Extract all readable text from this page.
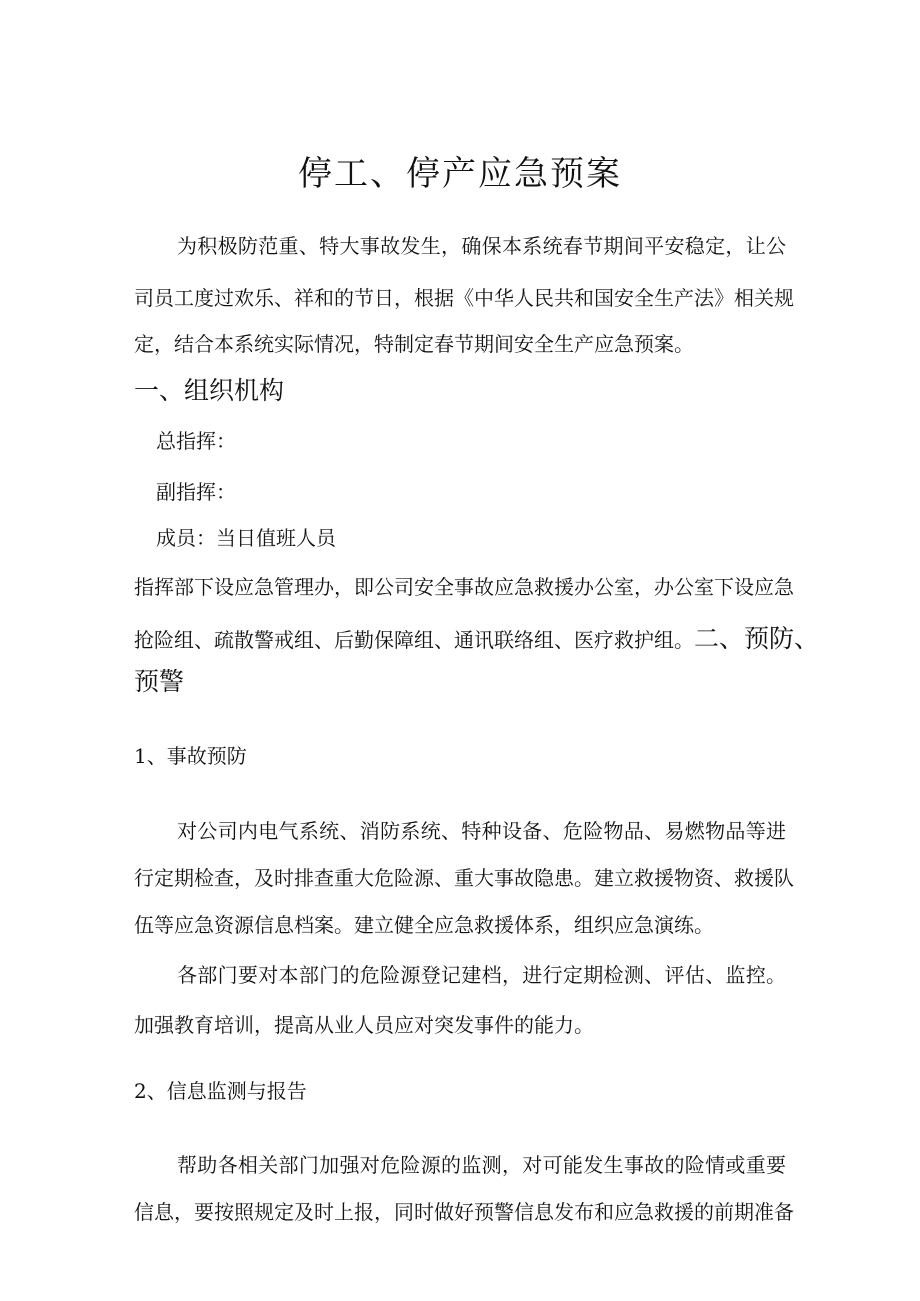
停工、停产应急预案

为积极防范重、特大事故发生，确保本系统春节期间平安稳定，让公

司员工度过欢乐、祥和的节日，根据《中华人民共和国安全生产法》相关规

定，结合本系统实际情况，特制定春节期间安全生产应急预案。

一、组织机构

总指挥：

副指挥：

成员：当日值班人员

指挥部下设应急管理办，即公司安全事故应急救援办公室，办公室下设应急

抢险组、疏散警戒组、后勤保障组、通讯联络组、医疗救护组。二、预防、

预警

1、事故预防

对公司内电气系统、消防系统、特种设备、危险物品、易燃物品等进

行定期检查，及时排查重大危险源、重大事故隐患。建立救援物资、救援队

伍等应急资源信息档案。建立健全应急救援体系，组织应急演练。

各部门要对本部门的危险源登记建档，进行定期检测、评估、监控。

加强教育培训，提高从业人员应对突发事件的能力。

2、信息监测与报告

帮助各相关部门加强对危险源的监测，对可能发生事故的险情或重要

信息，要按照规定及时上报，同时做好预警信息发布和应急救援的前期准备
